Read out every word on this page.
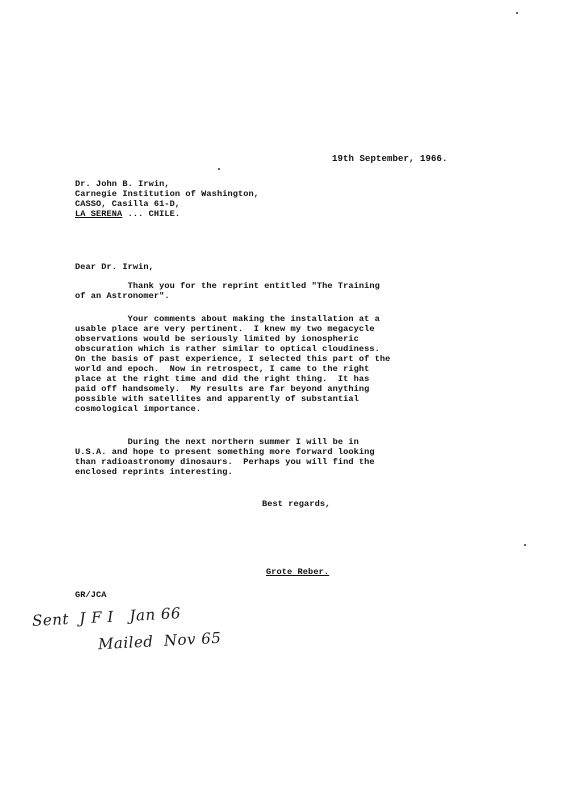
19th September, 1966.
Dr. John B. Irwin,
Carnegie Institution of Washington,
CASSO, Casilla 61-D,
LA SERENA ... CHILE.
Dear Dr. Irwin,
Thank you for the reprint entitled "The Training
of an Astronomer".
Your comments about making the installation at a
usable place are very pertinent.  I knew my two megacycle
observations would be seriously limited by ionospheric
obscuration which is rather similar to optical cloudiness.
On the basis of past experience, I selected this part of the
world and epoch.  Now in retrospect, I came to the right
place at the right time and did the right thing.  It has
paid off handsomely.  My results are far beyond anything
possible with satellites and apparently of substantial
cosmological importance.
During the next northern summer I will be in
U.S.A. and hope to present something more forward looking
than radioastronomy dinosaurs.  Perhaps you will find the
enclosed reprints interesting.
Best regards,
Grote Reber.
GR/JCA
Sent  J F I   Jan 66
Mailed  Nov 65
